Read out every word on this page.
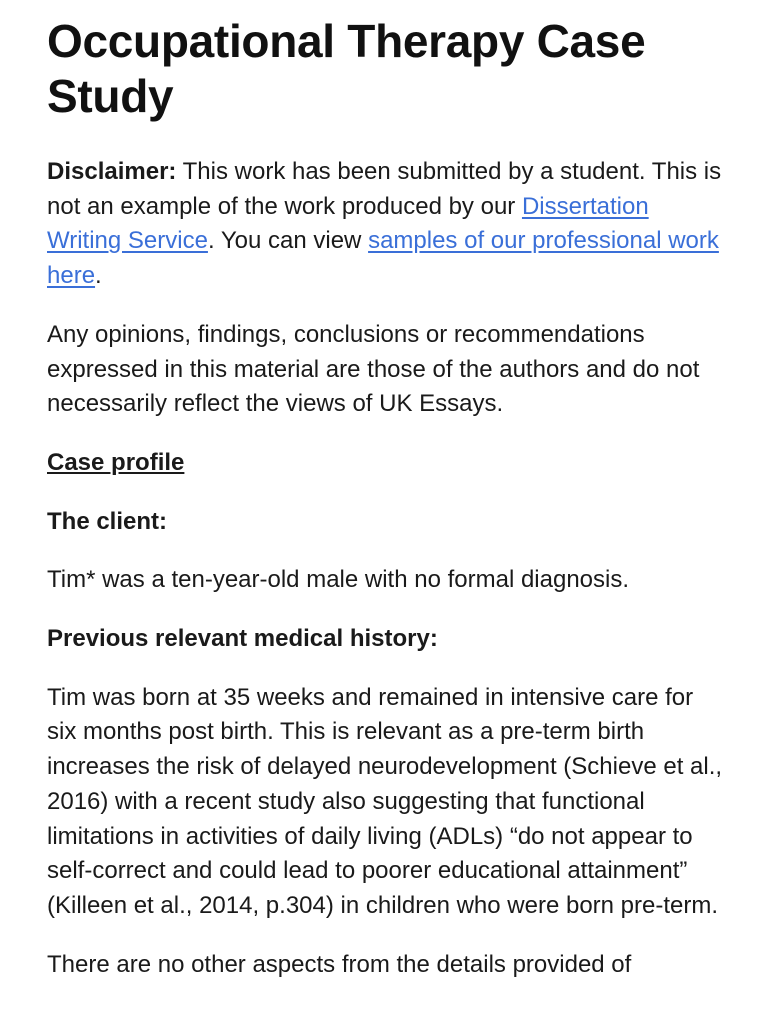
Occupational Therapy Case Study

Disclaimer: This work has been submitted by a student. This is not an example of the work produced by our Dissertation Writing Service. You can view samples of our professional work here.

Any opinions, findings, conclusions or recommendations expressed in this material are those of the authors and do not necessarily reflect the views of UK Essays.

Case profile

The client:

Tim* was a ten-year-old male with no formal diagnosis.

Previous relevant medical history:

Tim was born at 35 weeks and remained in intensive care for six months post birth. This is relevant as a pre-term birth increases the risk of delayed neurodevelopment (Schieve et al., 2016) with a recent study also suggesting that functional limitations in activities of daily living (ADLs) “do not appear to self-correct and could lead to poorer educational attainment” (Killeen et al., 2014, p.304) in children who were born pre-term.

There are no other aspects from the details provided of
